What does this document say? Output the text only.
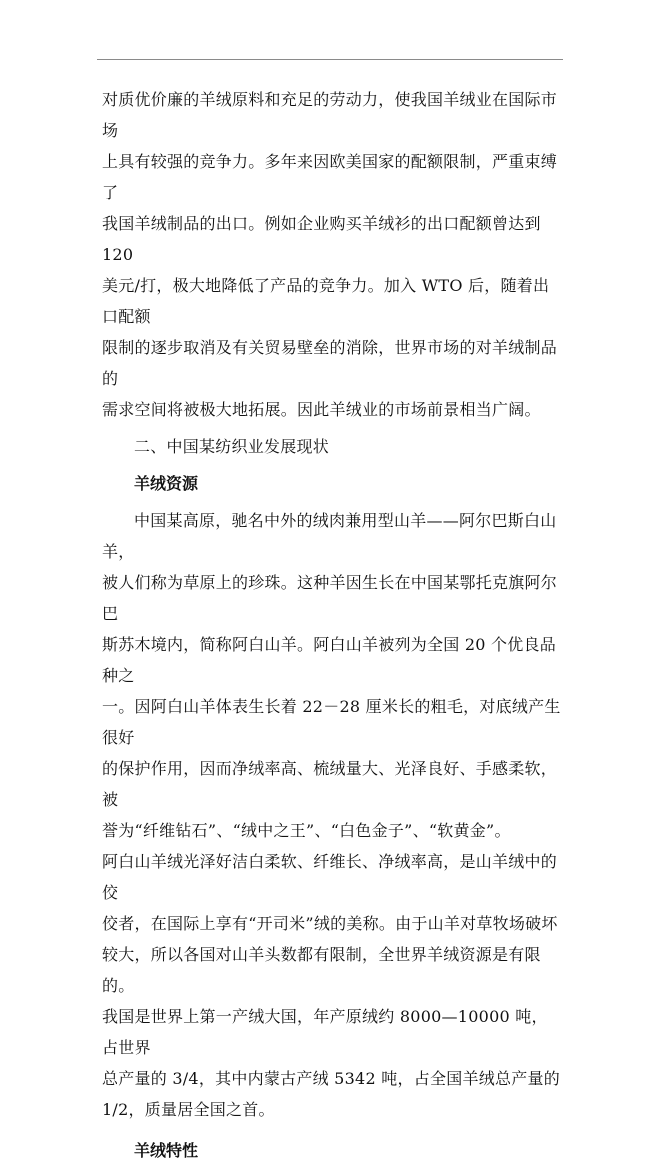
对质优价廉的羊绒原料和充足的劳动力，使我国羊绒业在国际市场

上具有较强的竞争力。多年来因欧美国家的配额限制，严重束缚了

我国羊绒制品的出口。例如企业购买羊绒衫的出口配额曾达到 120

美元/打，极大地降低了产品的竞争力。加入 WTO 后，随着出口配额

限制的逐步取消及有关贸易壁垒的消除，世界市场的对羊绒制品的

需求空间将被极大地拓展。因此羊绒业的市场前景相当广阔。

二、中国某纺织业发展现状

羊绒资源

中国某高原，驰名中外的绒肉兼用型山羊——阿尔巴斯白山羊，

被人们称为草原上的珍珠。这种羊因生长在中国某鄂托克旗阿尔巴

斯苏木境内，简称阿白山羊。阿白山羊被列为全国 20 个优良品种之

一。因阿白山羊体表生长着 22－28 厘米长的粗毛，对底绒产生很好

的保护作用，因而净绒率高、梳绒量大、光泽良好、手感柔软，被

誉为“纤维钻石”、“绒中之王”、“白色金子”、“软黄金”。

阿白山羊绒光泽好洁白柔软、纤维长、净绒率高，是山羊绒中的佼

佼者，在国际上享有“开司米”绒的美称。由于山羊对草牧场破坏

较大，所以各国对山羊头数都有限制，全世界羊绒资源是有限的。

我国是世界上第一产绒大国，年产原绒约 8000—10000 吨，占世界

总产量的 3/4，其中内蒙古产绒 5342 吨，占全国羊绒总产量的

1/2，质量居全国之首。

羊绒特性
